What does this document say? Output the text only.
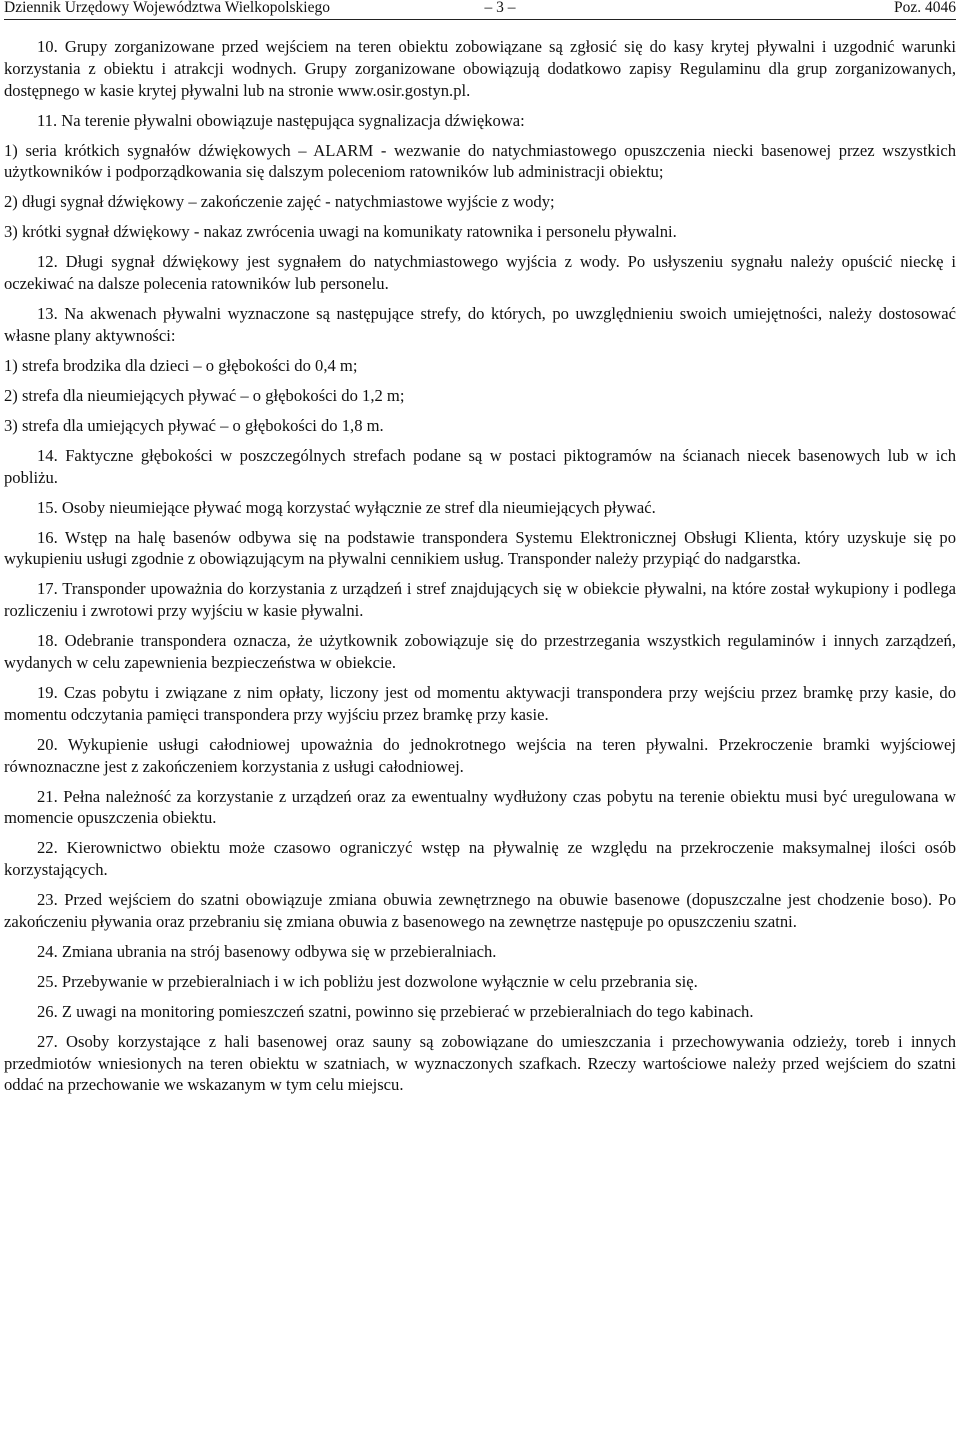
Dziennik Urzędowy Województwa Wielkopolskiego	– 3 –	Poz. 4046

10. Grupy zorganizowane przed wejściem na teren obiektu zobowiązane są zgłosić się do kasy krytej pływalni i uzgodnić warunki korzystania z obiektu i atrakcji wodnych. Grupy zorganizowane obowiązują dodatkowo zapisy Regulaminu dla grup zorganizowanych, dostępnego w kasie krytej pływalni lub na stronie www.osir.gostyn.pl.

11. Na terenie pływalni obowiązuje następująca sygnalizacja dźwiękowa:

1) seria krótkich sygnałów dźwiękowych – ALARM - wezwanie do natychmiastowego opuszczenia niecki basenowej przez wszystkich użytkowników i podporządkowania się dalszym poleceniom ratowników lub administracji obiektu;

2) długi sygnał dźwiękowy – zakończenie zajęć - natychmiastowe wyjście z wody;

3) krótki sygnał dźwiękowy - nakaz zwrócenia uwagi na komunikaty ratownika i personelu pływalni.

12. Długi sygnał dźwiękowy jest sygnałem do natychmiastowego wyjścia z wody. Po usłyszeniu sygnału należy opuścić nieckę i oczekiwać na dalsze polecenia ratowników lub personelu.

13. Na akwenach pływalni wyznaczone są następujące strefy, do których, po uwzględnieniu swoich umiejętności, należy dostosować własne plany aktywności:

1) strefa brodzika dla dzieci – o głębokości do 0,4 m;

2) strefa dla nieumiejących pływać – o głębokości do 1,2 m;

3) strefa dla umiejących pływać – o głębokości do 1,8 m.

14. Faktyczne głębokości w poszczególnych strefach podane są w postaci piktogramów na ścianach niecek basenowych lub w ich pobliżu.

15. Osoby nieumiejące pływać mogą korzystać wyłącznie ze stref dla nieumiejących pływać.

16. Wstęp na halę basenów odbywa się na podstawie transpondera Systemu Elektronicznej Obsługi Klienta, który uzyskuje się po wykupieniu usługi zgodnie z obowiązującym na pływalni cennikiem usług. Transponder należy przypiąć do nadgarstka.

17. Transponder upoważnia do korzystania z urządzeń i stref znajdujących się w obiekcie pływalni, na które został wykupiony i podlega rozliczeniu i zwrotowi przy wyjściu w kasie pływalni.

18. Odebranie transpondera oznacza, że użytkownik zobowiązuje się do przestrzegania wszystkich regulaminów i innych zarządzeń, wydanych w celu zapewnienia bezpieczeństwa w obiekcie.

19. Czas pobytu i związane z nim opłaty, liczony jest od momentu aktywacji transpondera przy wejściu przez bramkę przy kasie, do momentu odczytania pamięci transpondera przy wyjściu przez bramkę przy kasie.

20. Wykupienie usługi całodniowej upoważnia do jednokrotnego wejścia na teren pływalni. Przekroczenie bramki wyjściowej równoznaczne jest z zakończeniem korzystania z usługi całodniowej.

21. Pełna należność za korzystanie z urządzeń oraz za ewentualny wydłużony czas pobytu na terenie obiektu musi być uregulowana w momencie opuszczenia obiektu.

22. Kierownictwo obiektu może czasowo ograniczyć wstęp na pływalnię ze względu na przekroczenie maksymalnej ilości osób korzystających.

23. Przed wejściem do szatni obowiązuje zmiana obuwia zewnętrznego na obuwie basenowe (dopuszczalne jest chodzenie boso). Po zakończeniu pływania oraz przebraniu się zmiana obuwia z basenowego na zewnętrze następuje po opuszczeniu szatni.

24. Zmiana ubrania na strój basenowy odbywa się w przebieralniach.

25. Przebywanie w przebieralniach i w ich pobliżu jest dozwolone wyłącznie w celu przebrania się.

26. Z uwagi na monitoring pomieszczeń szatni, powinno się przebierać w przebieralniach do tego kabinach.

27. Osoby korzystające z hali basenowej oraz sauny są zobowiązane do umieszczania i przechowywania odzieży, toreb i innych przedmiotów wniesionych na teren obiektu w szatniach, w wyznaczonych szafkach. Rzeczy wartościowe należy przed wejściem do szatni oddać na przechowanie we wskazanym w tym celu miejscu.
